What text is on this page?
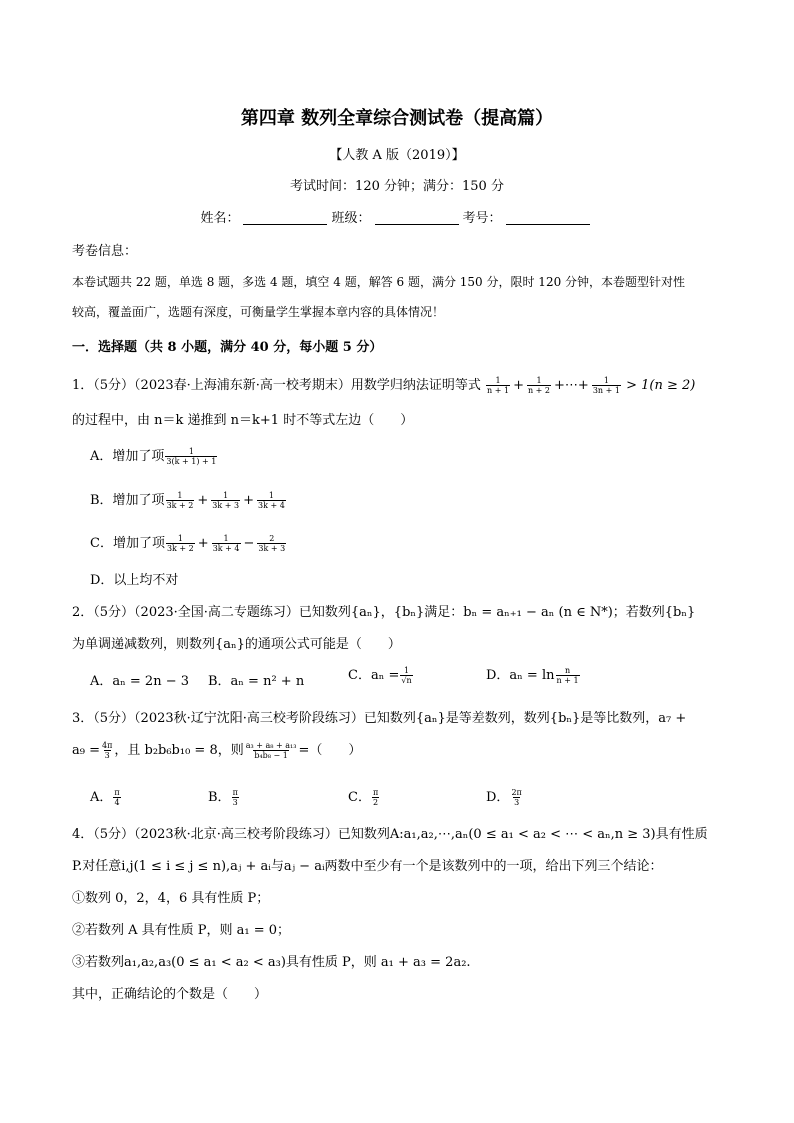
第四章 数列全章综合测试卷（提高篇）
【人教 A 版（2019）】
考试时间：120 分钟；满分：150 分
姓名：	班级：	考号：
考卷信息：
本卷试题共 22 题，单选 8 题，多选 4 题，填空 4 题，解答 6 题，满分 150 分，限时 120 分钟，本卷题型针对性
较高，覆盖面广，选题有深度，可衡量学生掌握本章内容的具体情况！
一．选择题（共 8 小题，满分 40 分，每小题 5 分）
1．（5分）（2023春·上海浦东新·高一校考期末）用数学归纳法证明等式 $\frac{1}{n + 1} + \frac{1}{n + 2}$ +⋯+ $\frac{1}{3n + 1} > 1(n \ge 2)$
的过程中，由 n＝k 递推到 n＝k+1 时不等式左边（　　）
A．增加了项 $\frac{1}{3(k + 1) + 1}$
B．增加了项 $\frac{1}{3k + 2} + \frac{1}{3k + 3} + \frac{1}{3k + 4}$
C．增加了项 $\frac{1}{3k + 2} + \frac{1}{3k + 4} - \frac{2}{3k + 3}$
D．以上均不对
2．（5分）（2023·全国·高二专题练习）已知数列{aₙ}，{bₙ}满足：bₙ = aₙ₊₁ − aₙ (n ∈ N*)；若数列{bₙ}
为单调递减数列，则数列{aₙ}的通项公式可能是（　　）
A．aₙ = 2n − 3 B．aₙ = n² + n	C．$a_n = \frac{1}{√n}$	D．$a_n = \ln \frac{n}{n + 1}$
3．（5分）（2023秋·辽宁沈阳·高三校考阶段练习）已知数列{aₙ}是等差数列，数列{bₙ}是等比数列，a₇ +
$a_9 = \frac{4\pi}{3}$ ，且 b₂b₆b₁₀ = 8，则 $\frac{\text{a₃ + a₈ + a₁₃}}{\text{b₄b₈ − 1}}$ =（　　）
A． $\frac{\pi}{4}$	B． $\frac{\pi}{3}$	C． $\frac{\pi}{2}$	D． $\frac{2\pi}{3}$
4．（5分）（2023秋·北京·高三校考阶段练习）已知数列A:a₁,a₂,⋯,aₙ(0 ≤ a₁ < a₂ < ⋯ < aₙ,n ≥ 3)具有性质
P.对任意i,j(1 ≤ i ≤ j ≤ n),aⱼ + aᵢ与aⱼ − aᵢ两数中至少有一个是该数列中的一项，给出下列三个结论：
①数列 0，2，4，6 具有性质 P；
②若数列 A 具有性质 P，则 a₁ = 0；
③若数列a₁,a₂,a₃(0 ≤ a₁ < a₂ < a₃)具有性质 P，则 a₁ + a₃ = 2a₂.
其中，正确结论的个数是（　　）
